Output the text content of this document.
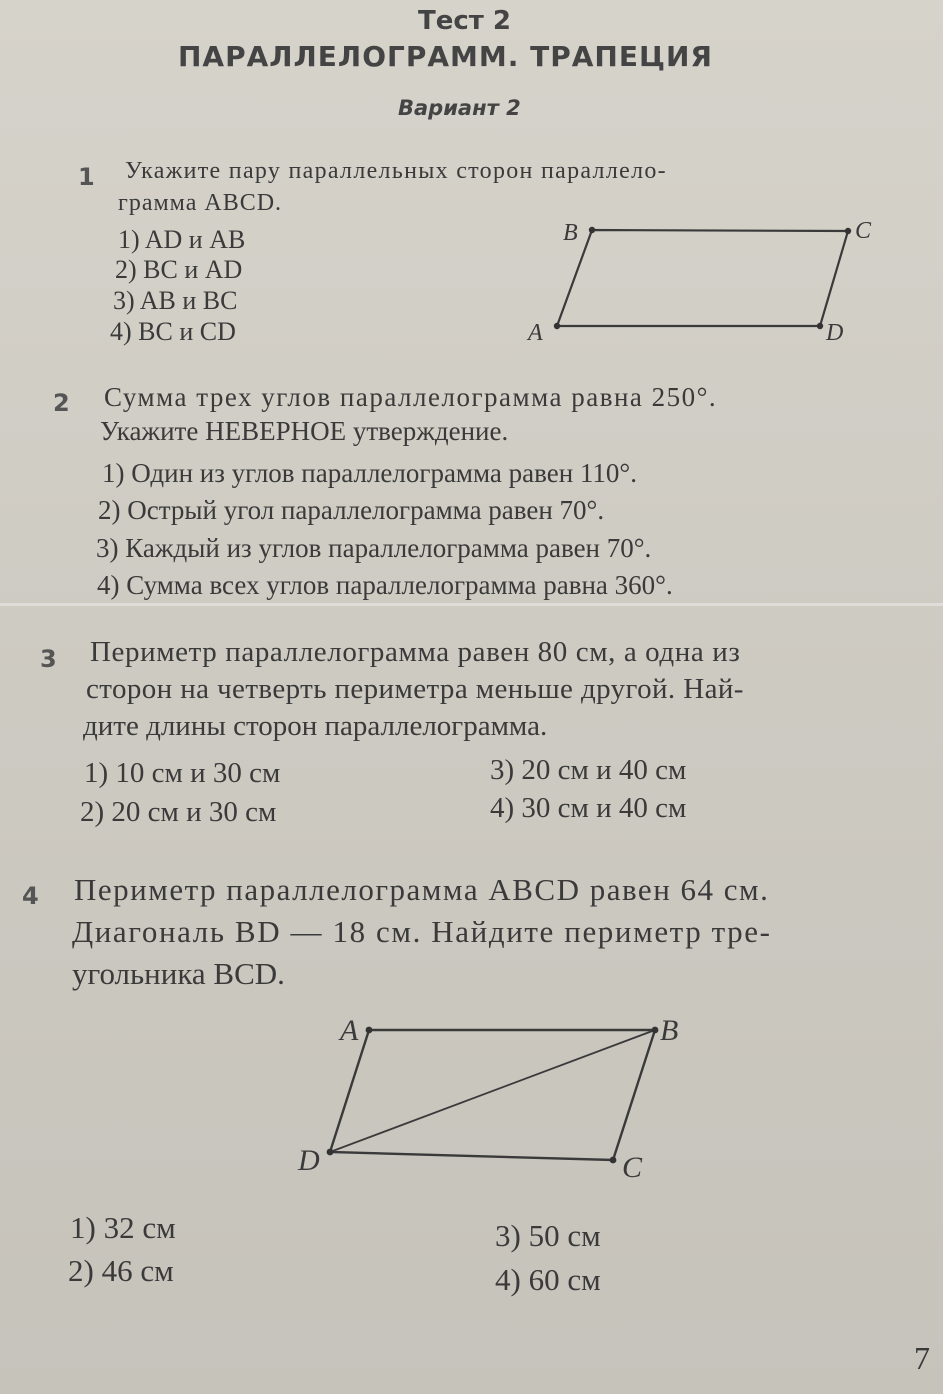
Тест 2
ПАРАЛЛЕЛОГРАММ. ТРАПЕЦИЯ
Вариант 2
1 Укажите пару параллельных сторон параллело-
грамма ABCD.
1) AD и AB
2) BC и AD
3) AB и BC
4) BC и CD
B	C
D
A
2 Сумма трех углов параллелограмма равна 250°.
Укажите НЕВЕРНОЕ утверждение.
1) Один из углов параллелограмма равен 110°.
2) Острый угол параллелограмма равен 70°.
3) Каждый из углов параллелограмма равен 70°.
4) Сумма всех углов параллелограмма равна 360°.
3 Периметр параллелограмма равен 80 см, а одна из
сторон на четверть периметра меньше другой. Най-
дите длины сторон параллелограмма.
1) 10 см и 30 см
2) 20 см и 30 см
3) 20 см и 40 см
4) 30 см и 40 см
4 Периметр параллелограмма ABCD равен 64 см.
Диагональ BD — 18 см. Найдите периметр тре-
угольника BCD.
A	B
C
D
1) 32 см
2) 46 см
3) 50 см
4) 60 см
7
